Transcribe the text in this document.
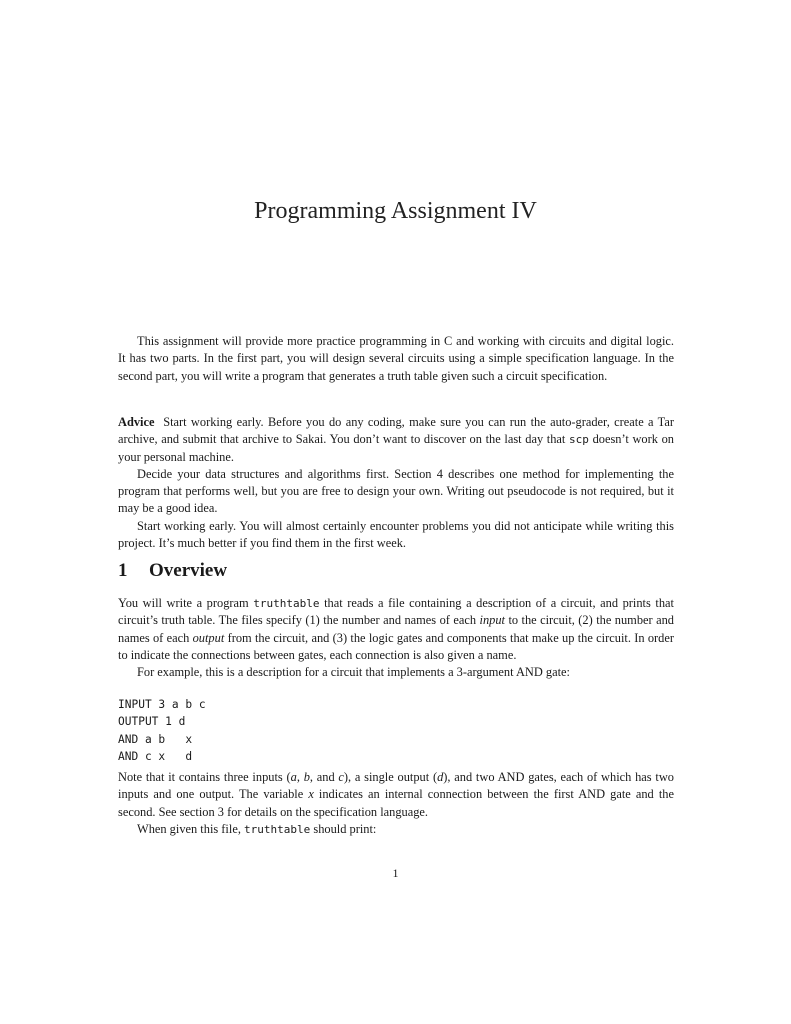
Programming Assignment IV

This assignment will provide more practice programming in C and working with circuits and digital logic. It has two parts. In the first part, you will design several circuits using a simple specification language. In the second part, you will write a program that generates a truth table given such a circuit specification.

Advice Start working early. Before you do any coding, make sure you can run the auto-grader, create a Tar archive, and submit that archive to Sakai. You don’t want to discover on the last day that scp doesn’t work on your personal machine.

Decide your data structures and algorithms first. Section 4 describes one method for implementing the program that performs well, but you are free to design your own. Writing out pseudocode is not required, but it may be a good idea.

Start working early. You will almost certainly encounter problems you did not anticipate while writing this project. It’s much better if you find them in the first week.

1 Overview

You will write a program truthtable that reads a file containing a description of a circuit, and prints that circuit’s truth table. The files specify (1) the number and names of each input to the circuit, (2) the number and names of each output from the circuit, and (3) the logic gates and components that make up the circuit. In order to indicate the connections between gates, each connection is also given a name.

For example, this is a description for a circuit that implements a 3-argument AND gate:

INPUT 3 a b c
OUTPUT 1 d
AND a b   x
AND c x   d

Note that it contains three inputs (a, b, and c), a single output (d), and two AND gates, each of which has two inputs and one output. The variable x indicates an internal connection between the first AND gate and the second. See section 3 for details on the specification language.

When given this file, truthtable should print:

1
